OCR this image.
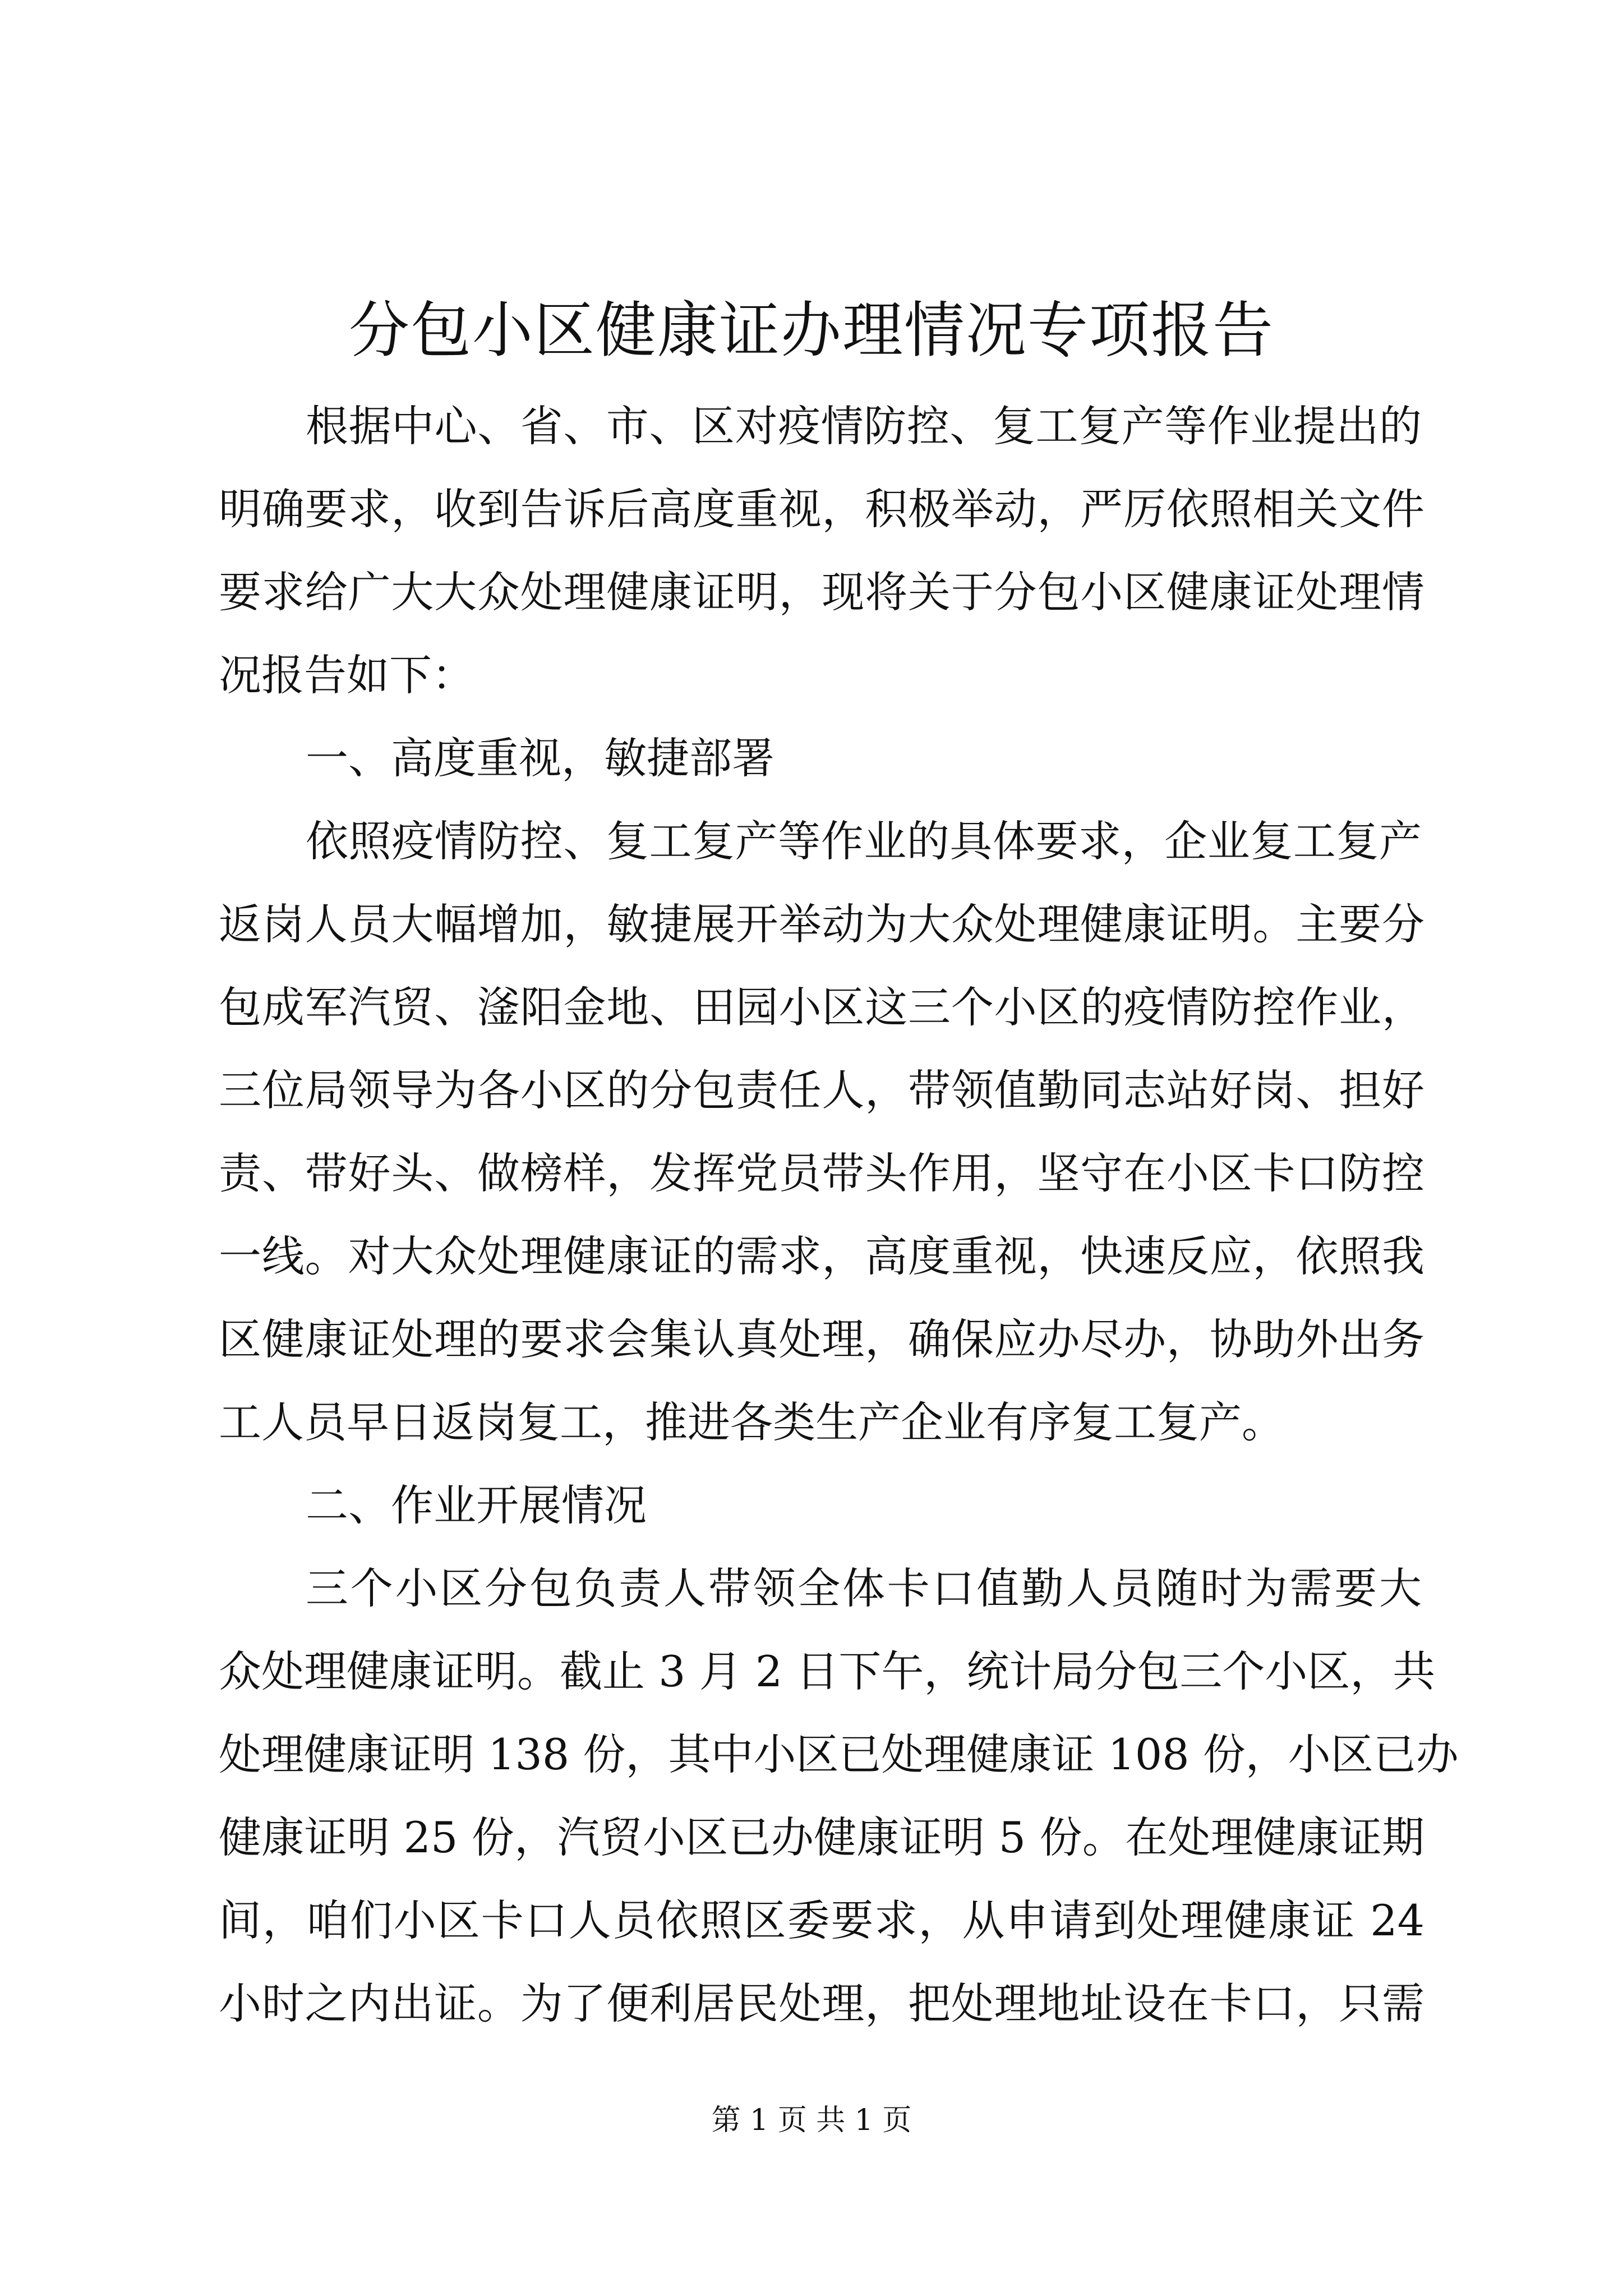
分包小区健康证办理情况专项报告
根据中心、省、市、区对疫情防控、复工复产等作业提出的
明确要求，收到告诉后高度重视，积极举动，严厉依照相关文件
要求给广大大众处理健康证明，现将关于分包小区健康证处理情
况报告如下：
一、高度重视，敏捷部署
依照疫情防控、复工复产等作业的具体要求，企业复工复产
返岗人员大幅增加，敏捷展开举动为大众处理健康证明。主要分
包成军汽贸、滏阳金地、田园小区这三个小区的疫情防控作业，
三位局领导为各小区的分包责任人，带领值勤同志站好岗、担好
责、带好头、做榜样，发挥党员带头作用，坚守在小区卡口防控
一线。对大众处理健康证的需求，高度重视，快速反应，依照我
区健康证处理的要求会集认真处理，确保应办尽办，协助外出务
工人员早日返岗复工，推进各类生产企业有序复工复产。
二、作业开展情况
三个小区分包负责人带领全体卡口值勤人员随时为需要大
众处理健康证明。截止 3 月 2 日下午，统计局分包三个小区，共
处理健康证明 138 份，其中小区已处理健康证 108 份，小区已办
健康证明 25 份，汽贸小区已办健康证明 5 份。在处理健康证期
间，咱们小区卡口人员依照区委要求，从申请到处理健康证 24
小时之内出证。为了便利居民处理，把处理地址设在卡口，只需
第 1 页 共 1 页
